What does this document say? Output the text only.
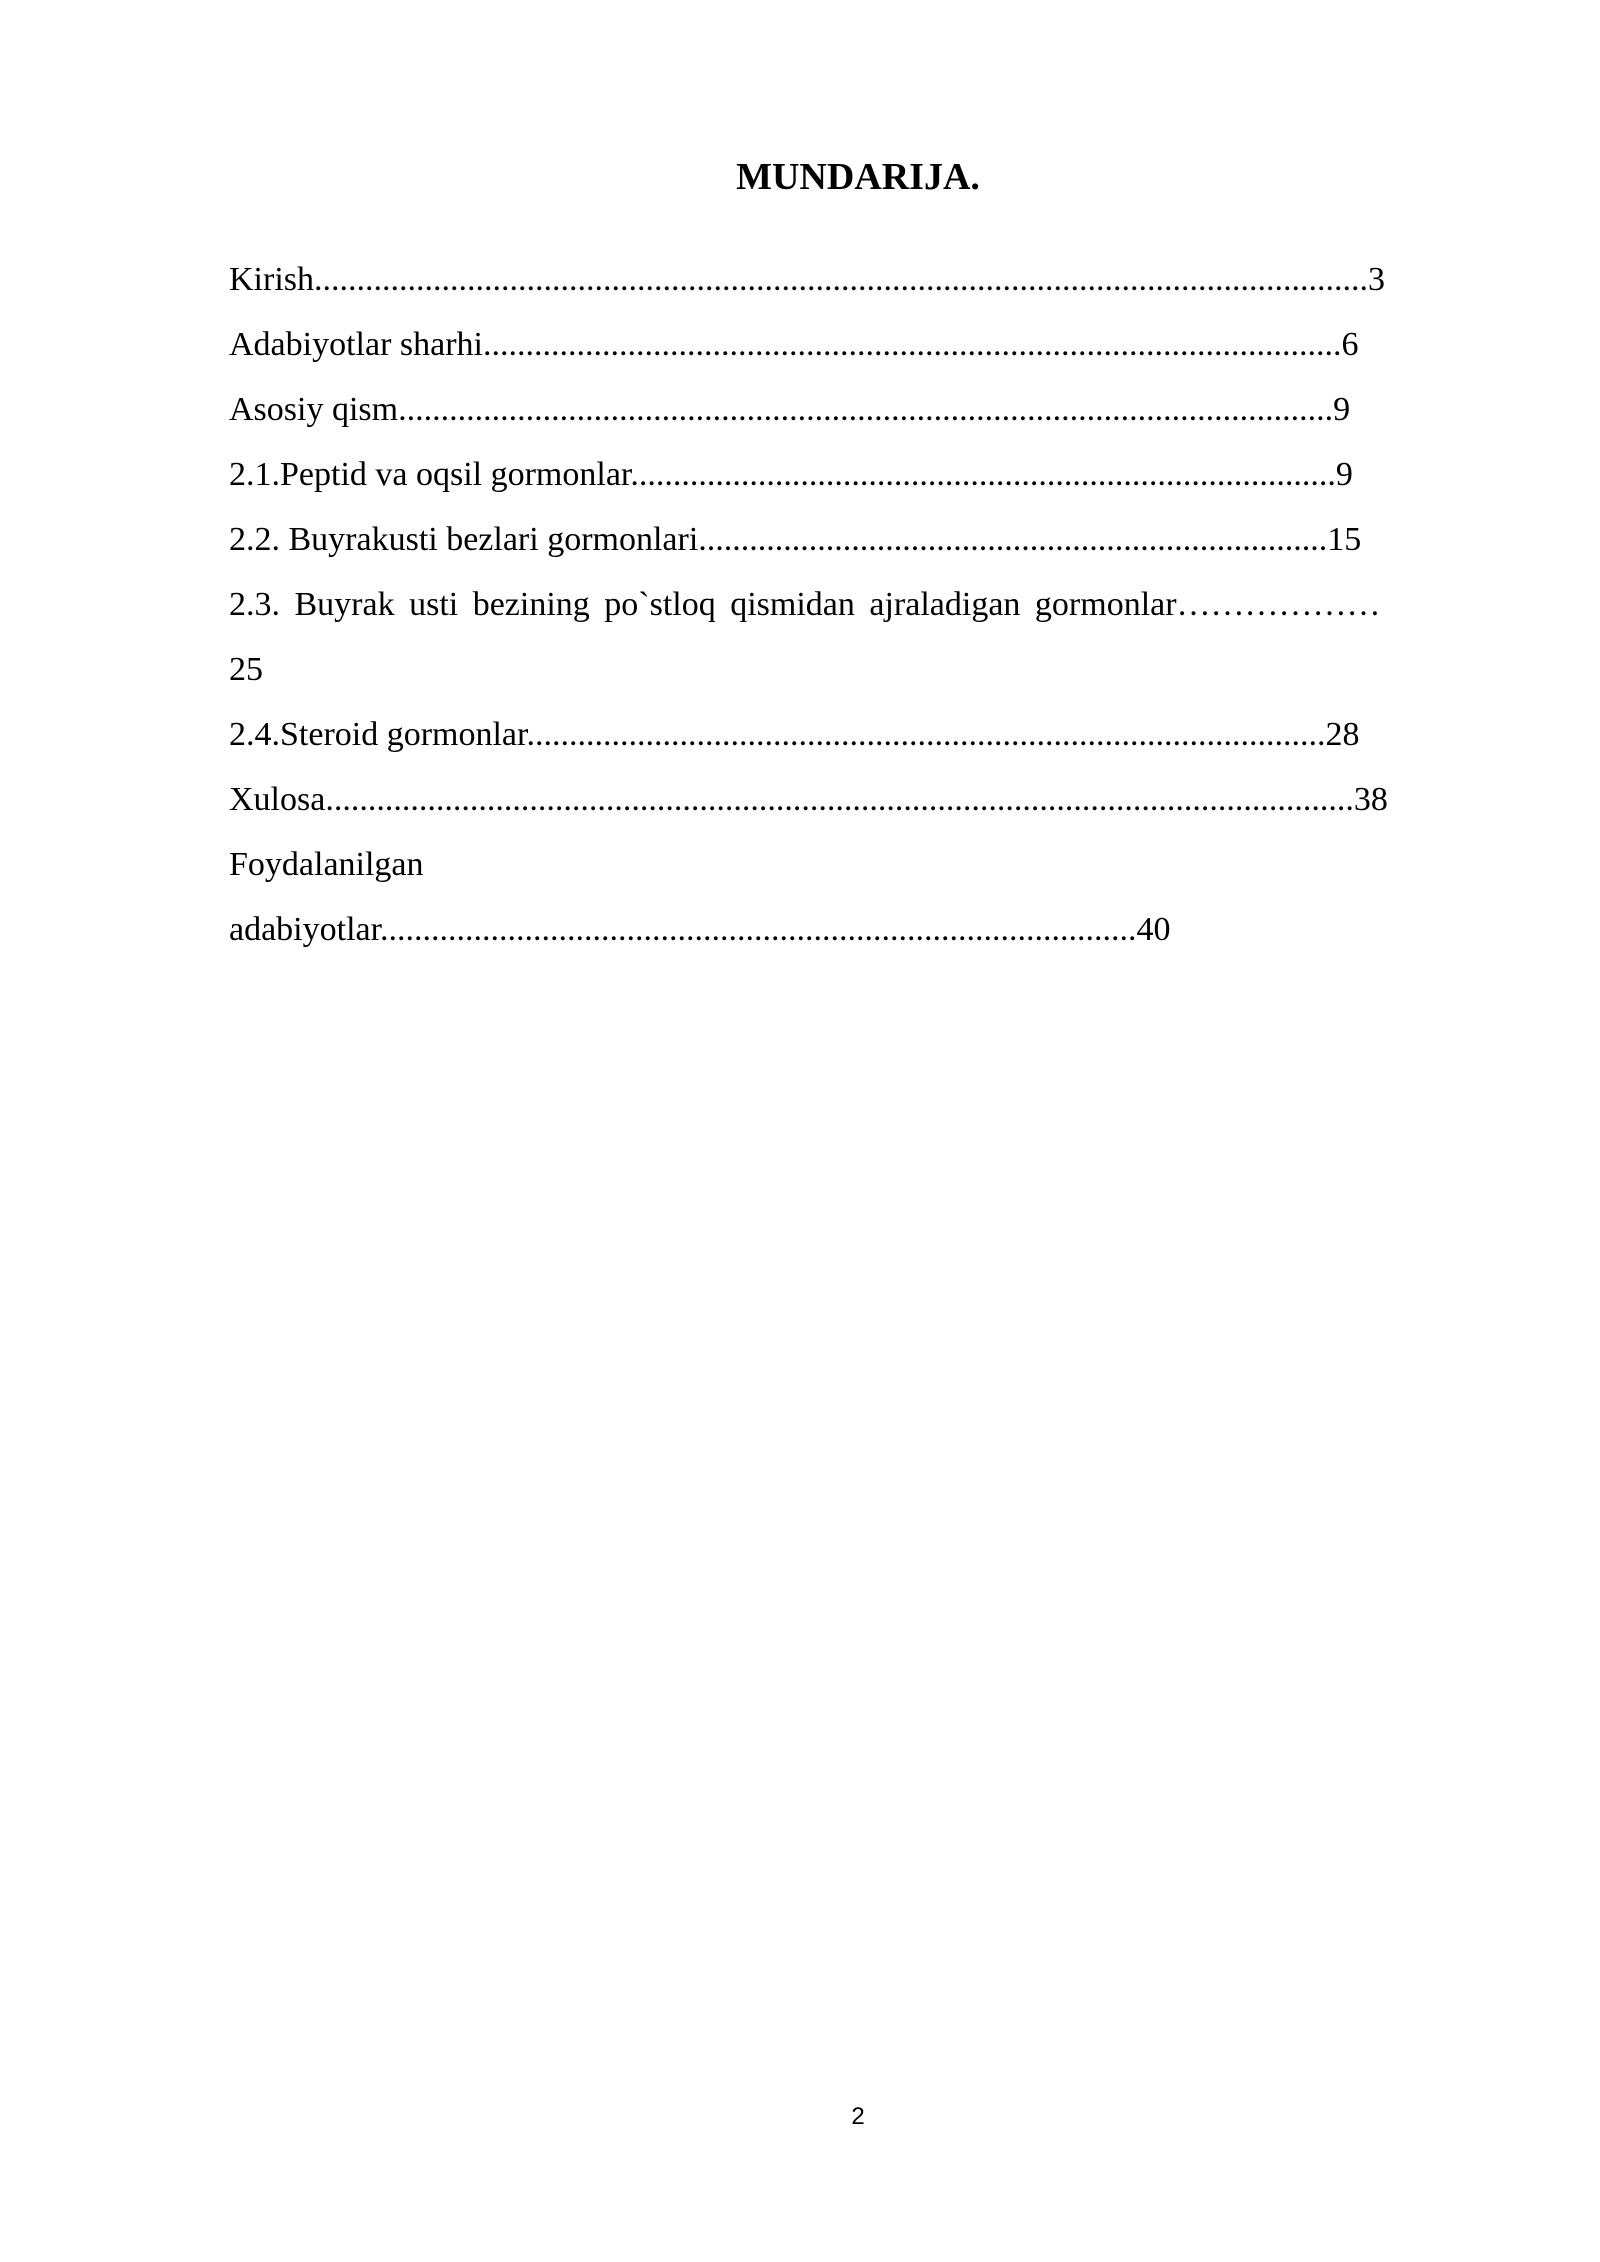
MUNDARIJA.
Kirish............................................................................................................................3
Adabiyotlar sharhi.....................................................................................................6
Asosiy qism..............................................................................................................9
2.1.Peptid va oqsil gormonlar...................................................................................9
2.2. Buyrakusti bezlari gormonlari..........................................................................15
2.3. Buyrak usti bezining po`stloq qismidan ajraladigan gormonlar………………
25
2.4.Steroid gormonlar..............................................................................................28
Xulosa.........................................................................................................................38
Foydalanilgan
adabiyotlar.........................................................................................40
2
